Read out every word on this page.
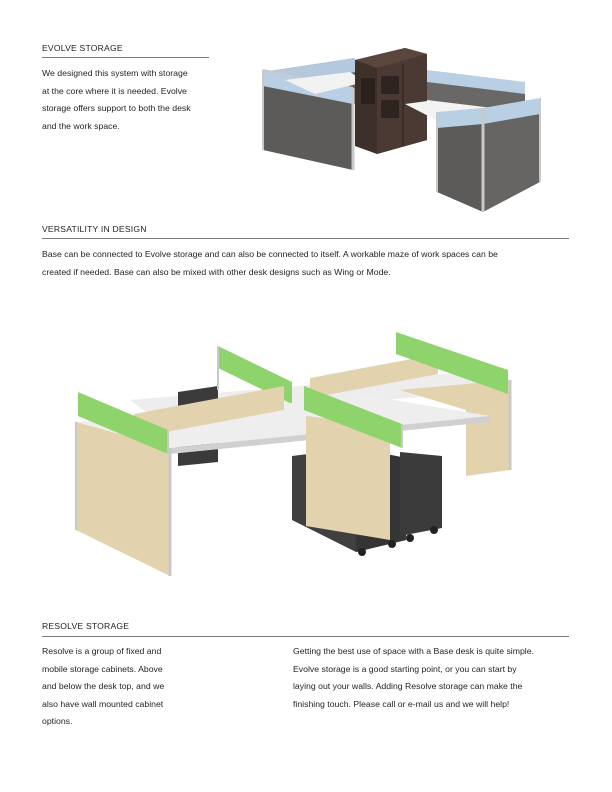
EVOLVE STORAGE
We designed this system with storage
at the core where it is needed. Evolve
storage offers support to both the desk
and the work space.
VERSATILITY IN DESIGN
Base can be connected to Evolve storage and can also be connected to itself. A workable maze of work spaces can be
created if needed. Base can also be mixed with other desk designs such as Wing or Mode.
RESOLVE STORAGE
Resolve is a group of fixed and
mobile storage cabinets. Above
and below the desk top, and we
also have wall mounted cabinet
options.
Getting the best use of space with a Base desk is quite simple.
Evolve storage is a good starting point, or you can start by
laying out your walls. Adding Resolve storage can make the
finishing touch. Please call or e-mail us and we will help!
